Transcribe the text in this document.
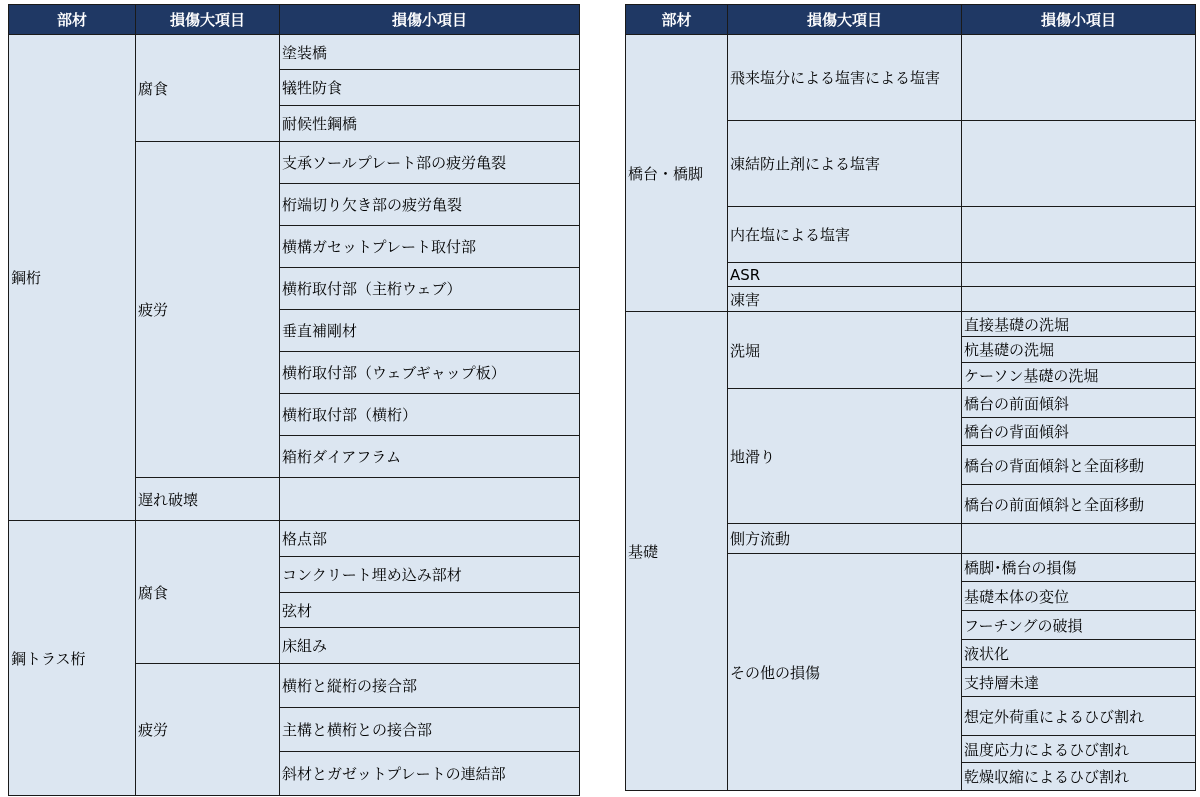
部材	損傷大項目	損傷小項目
鋼桁	腐食	塗装橋
		犠牲防食
		耐候性鋼橋
	疲労	支承ソールプレート部の疲労亀裂
		桁端切り欠き部の疲労亀裂
		横構ガセットプレート取付部
		横桁取付部（主桁ウェブ）
		垂直補剛材
		横桁取付部（ウェブギャップ板）
		横桁取付部（横桁）
		箱桁ダイアフラム
	遅れ破壊	
鋼トラス桁	腐食	格点部
		コンクリート埋め込み部材
		弦材
		床組み
	疲労	横桁と縦桁の接合部
		主構と横桁との接合部
		斜材とガゼットプレートの連結部
部材	損傷大項目	損傷小項目
橋台・橋脚	飛来塩分による塩害による塩害	
	凍結防止剤による塩害	
	内在塩による塩害	
	ASR	
	凍害	
基礎	洗堀	直接基礎の洗堀
		杭基礎の洗堀
		ケーソン基礎の洗堀
	地滑り	橋台の前面傾斜
		橋台の背面傾斜
		橋台の背面傾斜と全面移動
		橋台の前面傾斜と全面移動
	側方流動	
	その他の損傷	橋脚･橋台の損傷
		基礎本体の変位
		フーチングの破損
		液状化
		支持層未達
		想定外荷重によるひび割れ
		温度応力によるひび割れ
		乾燥収縮によるひび割れ
